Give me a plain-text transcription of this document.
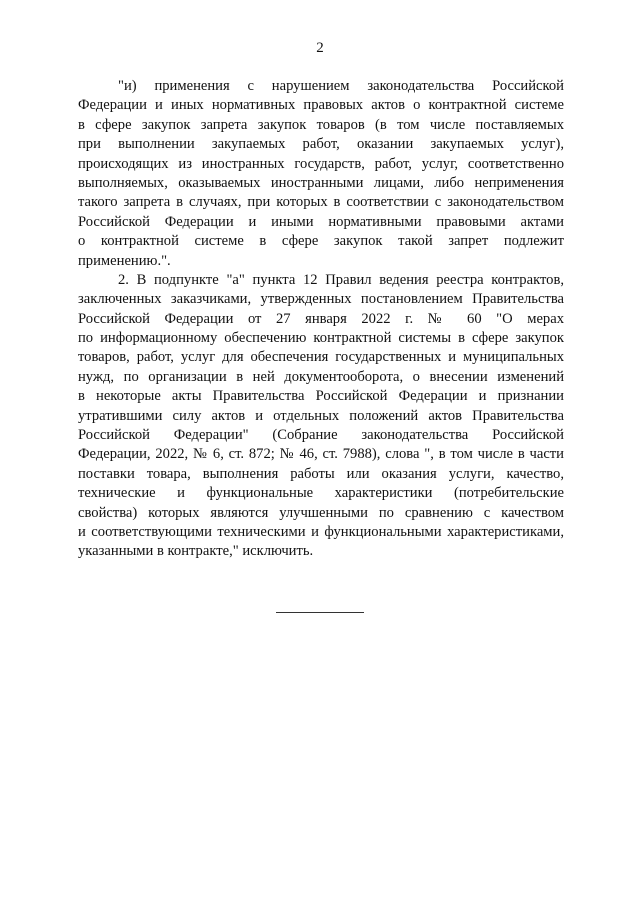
2
"и) применения с нарушением законодательства Российской
Федерации и иных нормативных правовых актов о контрактной системе
в сфере закупок запрета закупок товаров (в том числе поставляемых
при выполнении закупаемых работ, оказании закупаемых услуг),
происходящих из иностранных государств, работ, услуг, соответственно
выполняемых, оказываемых иностранными лицами, либо неприменения
такого запрета в случаях, при которых в соответствии с законодательством
Российской Федерации и иными нормативными правовыми актами
о контрактной системе в сфере закупок такой запрет подлежит
применению.".
2. В подпункте "а" пункта 12 Правил ведения реестра контрактов,
заключенных заказчиками, утвержденных постановлением Правительства
Российской Федерации от 27 января 2022 г. № 60 "О мерах
по информационному обеспечению контрактной системы в сфере закупок
товаров, работ, услуг для обеспечения государственных и муниципальных
нужд, по организации в ней документооборота, о внесении изменений
в некоторые акты Правительства Российской Федерации и признании
утратившими силу актов и отдельных положений актов Правительства
Российской Федерации" (Собрание законодательства Российской
Федерации, 2022, № 6, ст. 872; № 46, ст. 7988), слова ", в том числе в части
поставки товара, выполнения работы или оказания услуги, качество,
технические и функциональные характеристики (потребительские
свойства) которых являются улучшенными по сравнению с качеством
и соответствующими техническими и функциональными характеристиками,
указанными в контракте," исключить.
